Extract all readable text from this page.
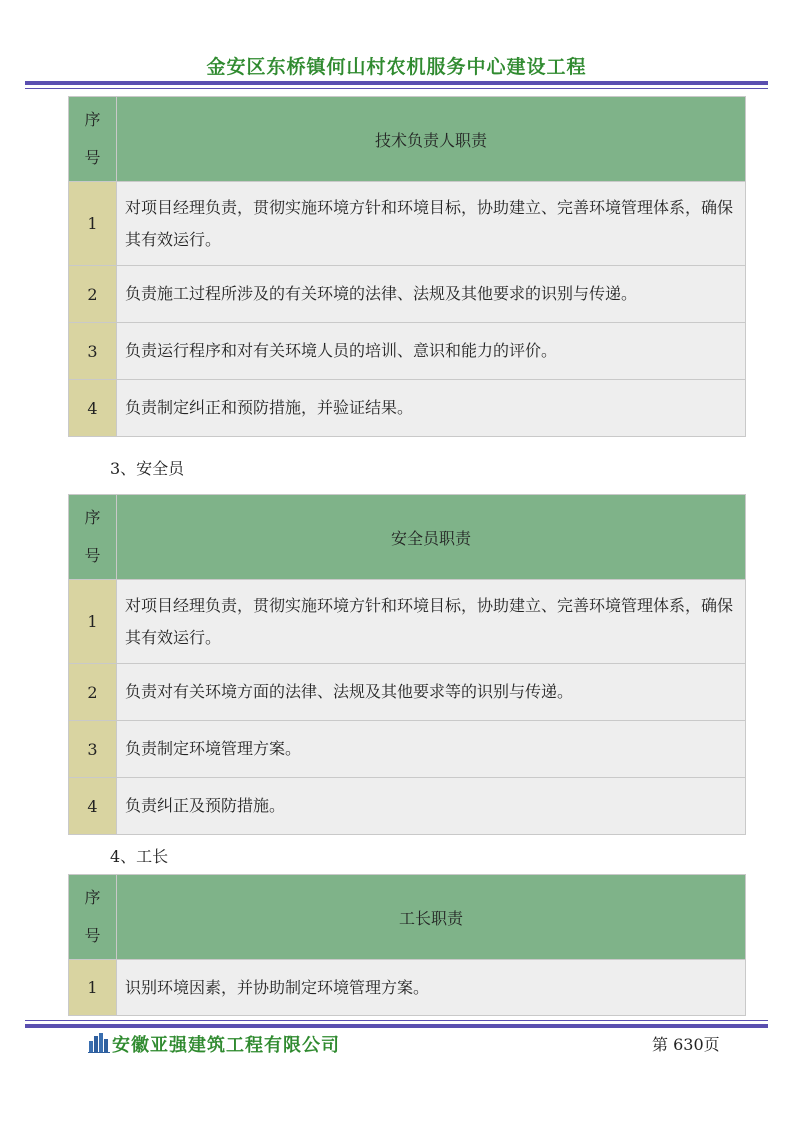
金安区东桥镇何山村农机服务中心建设工程
序
号	技术负责人职责
1	对项目经理负责，贯彻实施环境方针和环境目标，协助建立、完善环境管理体系，确保其有效运行。
2	负责施工过程所涉及的有关环境的法律、法规及其他要求的识别与传递。
3	负责运行程序和对有关环境人员的培训、意识和能力的评价。
4	负责制定纠正和预防措施，并验证结果。
3、安全员
序
号	安全员职责
1	对项目经理负责，贯彻实施环境方针和环境目标，协助建立、完善环境管理体系，确保其有效运行。
2	负责对有关环境方面的法律、法规及其他要求等的识别与传递。
3	负责制定环境管理方案。
4	负责纠正及预防措施。
4、工长
序
号	工长职责
1	识别环境因素，并协助制定环境管理方案。
安徽亚强建筑工程有限公司	第 630页
